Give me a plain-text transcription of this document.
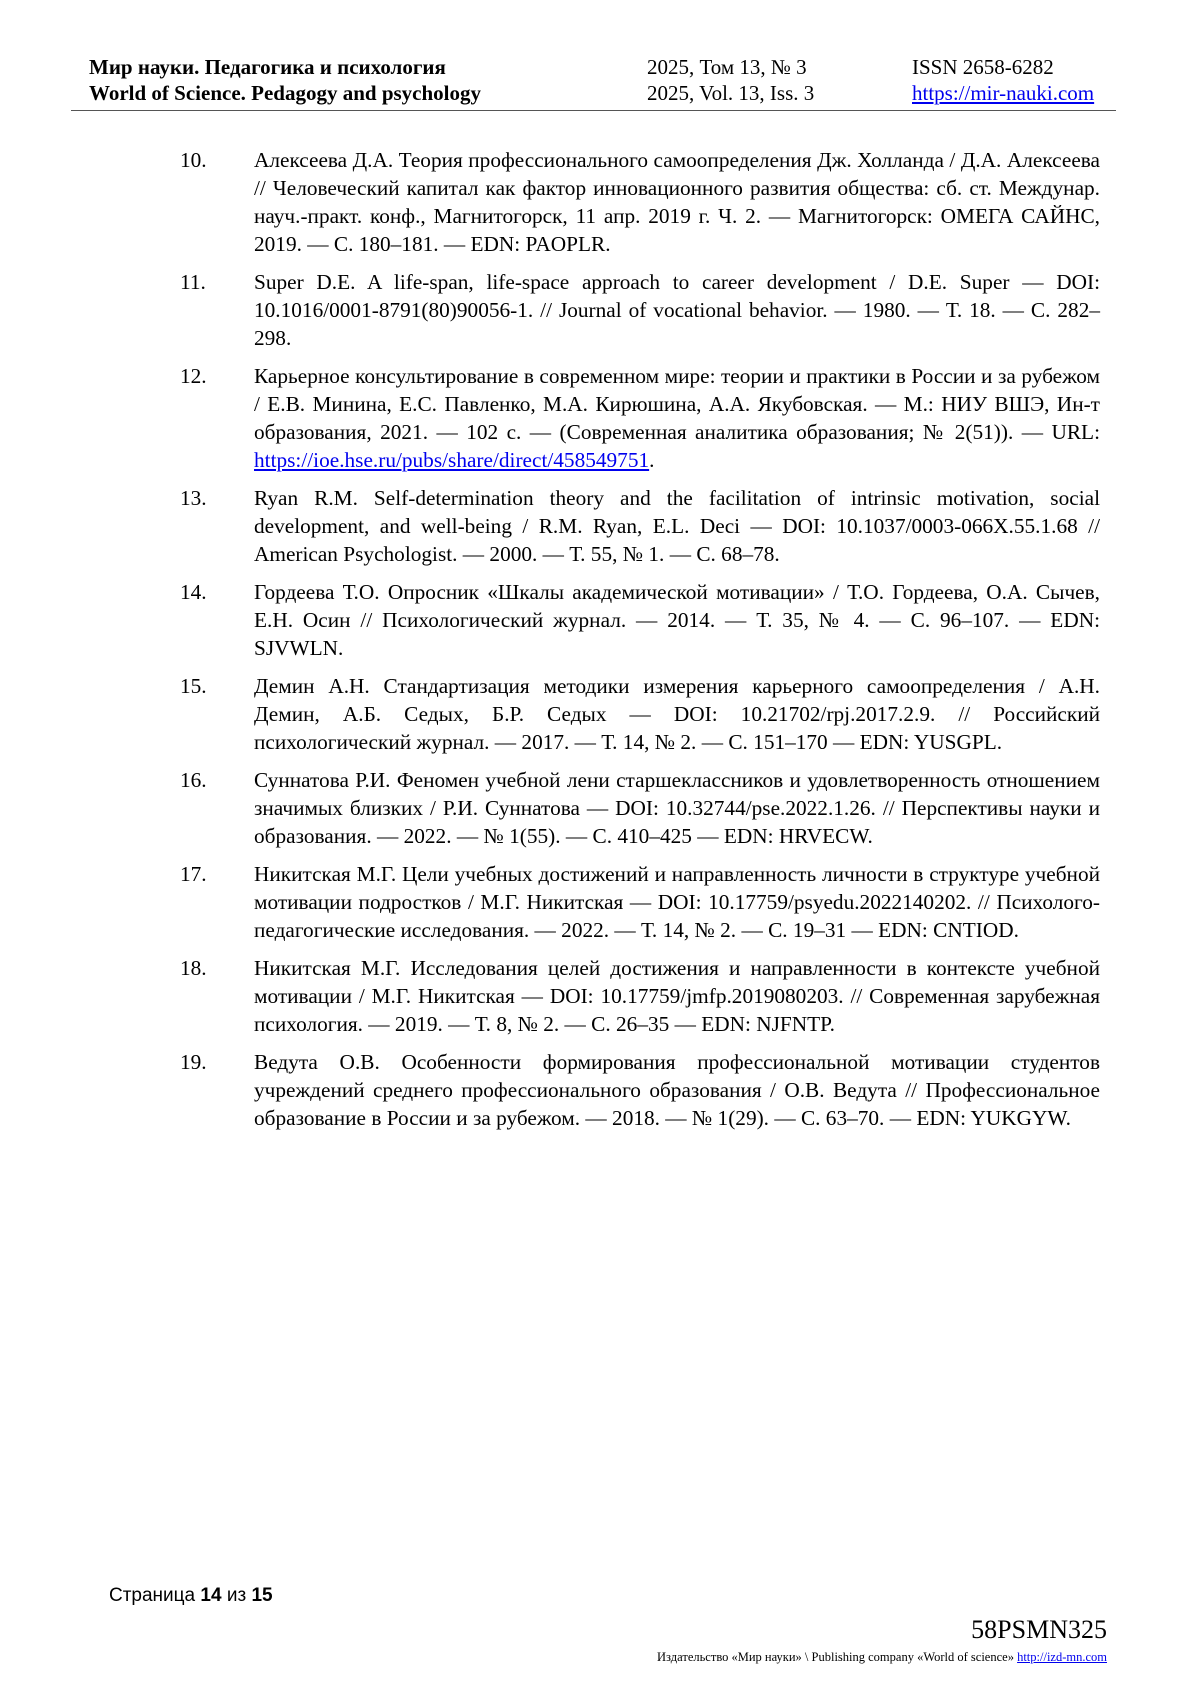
Мир науки. Педагогика и психология
World of Science. Pedagogy and psychology
2025, Том 13, № 3
2025, Vol. 13, Iss. 3
ISSN 2658-6282
https://mir-nauki.com
10. Алексеева Д.А. Теория профессионального самоопределения Дж. Холланда / Д.А. Алексеева // Человеческий капитал как фактор инновационного развития общества: сб. ст. Междунар. науч.-практ. конф., Магнитогорск, 11 апр. 2019 г. Ч. 2. — Магнитогорск: ОМЕГА САЙНС, 2019. — С. 180–181. — EDN: PAOPLR.
11. Super D.E. A life-span, life-space approach to career development / D.E. Super — DOI: 10.1016/0001-8791(80)90056-1. // Journal of vocational behavior. — 1980. — Т. 18. — С. 282–298.
12. Карьерное консультирование в современном мире: теории и практики в России и за рубежом / Е.В. Минина, Е.С. Павленко, М.А. Кирюшина, А.А. Якубовская. — М.: НИУ ВШЭ, Ин-т образования, 2021. — 102 с. — (Современная аналитика образования; № 2(51)). — URL: https://ioe.hse.ru/pubs/share/direct/458549751.
13. Ryan R.M. Self-determination theory and the facilitation of intrinsic motivation, social development, and well-being / R.M. Ryan, E.L. Deci — DOI: 10.1037/0003-066X.55.1.68 // American Psychologist. — 2000. — Т. 55, № 1. — С. 68–78.
14. Гордеева Т.О. Опросник «Шкалы академической мотивации» / Т.О. Гордеева, О.А. Сычев, Е.Н. Осин // Психологический журнал. — 2014. — Т. 35, № 4. — С. 96–107. — EDN: SJVWLN.
15. Демин А.Н. Стандартизация методики измерения карьерного самоопределения / А.Н. Демин, А.Б. Седых, Б.Р. Седых — DOI: 10.21702/rpj.2017.2.9. // Российский психологический журнал. — 2017. — Т. 14, № 2. — С. 151–170 — EDN: YUSGPL.
16. Суннатова Р.И. Феномен учебной лени старшеклассников и удовлетворенность отношением значимых близких / Р.И. Суннатова — DOI: 10.32744/pse.2022.1.26. // Перспективы науки и образования. — 2022. — № 1(55). — С. 410–425 — EDN: HRVECW.
17. Никитская М.Г. Цели учебных достижений и направленность личности в структуре учебной мотивации подростков / М.Г. Никитская — DOI: 10.17759/psyedu.2022140202. // Психолого-педагогические исследования. — 2022. — Т. 14, № 2. — С. 19–31 — EDN: CNTIOD.
18. Никитская М.Г. Исследования целей достижения и направленности в контексте учебной мотивации / М.Г. Никитская — DOI: 10.17759/jmfp.2019080203. // Современная зарубежная психология. — 2019. — Т. 8, № 2. — С. 26–35 — EDN: NJFNTP.
19. Ведута О.В. Особенности формирования профессиональной мотивации студентов учреждений среднего профессионального образования / О.В. Ведута // Профессиональное образование в России и за рубежом. — 2018. — № 1(29). — С. 63–70. — EDN: YUKGYW.
Страница 14 из 15
58PSMN325
Издательство «Мир науки» \ Publishing company «World of science» http://izd-mn.com
